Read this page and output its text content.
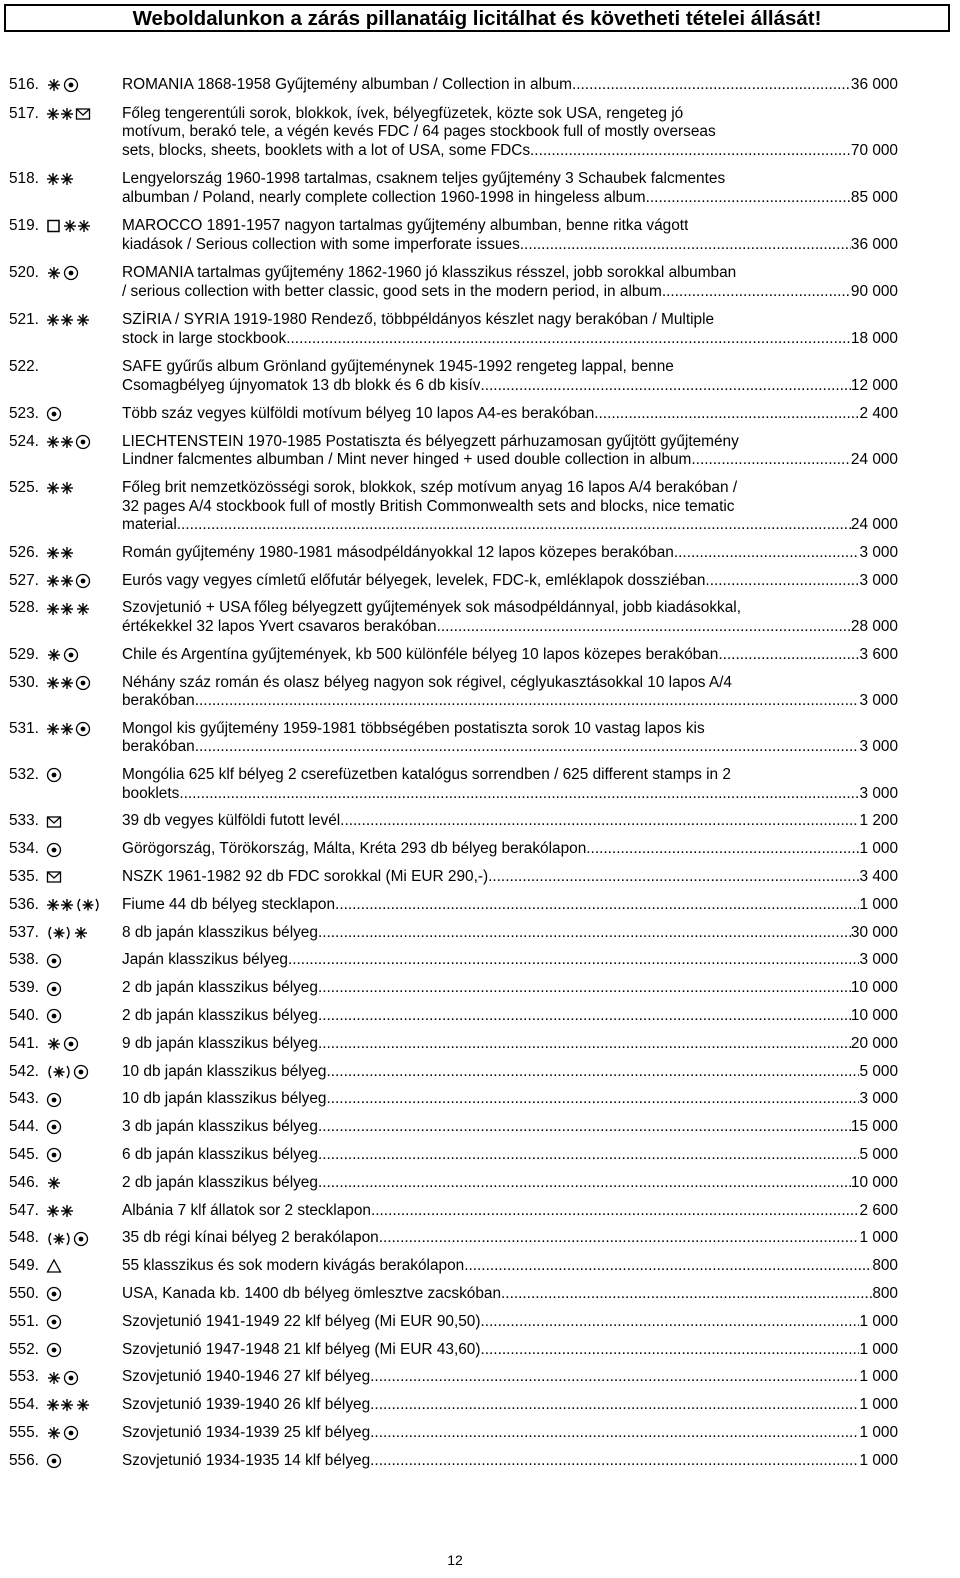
Weboldalunkon a zárás pillanatáig licitálhat és követheti tételei állását!
516.	ROMANIA 1868-1958 Gyűjtemény albumban / Collection in album .....	36 000
517.	Főleg tengerentúli sorok, blokkok, ívek, bélyegfüzetek, közte sok USA, rengeteg jó
motívum, berakó tele, a végén kevés FDC / 64 pages stockbook full of mostly overseas
sets, blocks, sheets, booklets with a lot of USA, some FDCs .....	70 000
518.	Lengyelország 1960-1998 tartalmas, csaknem teljes gyűjtemény 3 Schaubek falcmentes
albumban / Poland, nearly complete collection 1960-1998 in hingeless album .....	85 000
519.	MAROCCO 1891-1957 nagyon tartalmas gyűjtemény albumban, benne ritka vágott
kiadások / Serious collection with some imperforate issues .....	36 000
520.	ROMANIA tartalmas gyűjtemény 1862-1960 jó klasszikus résszel, jobb sorokkal albumban
/ serious collection with better classic, good sets in the modern period, in album .....	90 000
521.	SZÍRIA / SYRIA 1919-1980 Rendező, többpéldányos készlet nagy berakóban / Multiple
stock in large stockbook .....	18 000
522.	SAFE gyűrűs album Grönland gyűjteménynek 1945-1992 rengeteg lappal, benne
Csomagbélyeg újnyomatok 13 db blokk és 6 db kisív .....	12 000
523.	Több száz vegyes külföldi motívum bélyeg 10 lapos A4-es berakóban .....	2 400
524.	LIECHTENSTEIN 1970-1985 Postatiszta és bélyegzett párhuzamosan gyűjtött gyűjtemény
Lindner falcmentes albumban / Mint never hinged + used double collection in album .....	24 000
525.	Főleg brit nemzetközösségi sorok, blokkok, szép motívum anyag 16 lapos A/4 berakóban /
32 pages A/4 stockbook full of mostly British Commonwealth sets and blocks, nice tematic
material .....	24 000
526.	Román gyűjtemény 1980-1981 másodpéldányokkal 12 lapos közepes berakóban .....	3 000
527.	Eurós vagy vegyes címletű előfutár bélyegek, levelek, FDC-k, emléklapok dossziéban .....	3 000
528.	Szovjetunió + USA főleg bélyegzett gyűjtemények sok másodpéldánnyal, jobb kiadásokkal,
értékekkel 32 lapos Yvert csavaros berakóban .....	28 000
529.	Chile és Argentína gyűjtemények, kb 500 különféle bélyeg 10 lapos közepes berakóban .....	3 600
530.	Néhány száz román és olasz bélyeg nagyon sok régivel, céglyukasztásokkal 10 lapos A/4
berakóban .....	3 000
531.	Mongol kis gyűjtemény 1959-1981 többségében postatiszta sorok 10 vastag lapos kis
berakóban .....	3 000
532.	Mongólia 625 klf bélyeg 2 cserefüzetben katalógus sorrendben / 625 different stamps in 2
booklets .....	3 000
533.	39 db vegyes külföldi futott levél .....	1 200
534.	Görögország, Törökország, Málta, Kréta 293 db bélyeg berakólapon .....	1 000
535.	NSZK 1961-1982 92 db FDC sorokkal (Mi EUR 290,-) .....	3 400
536.	Fiume 44 db bélyeg stecklapon .....	1 000
537.	8 db japán klasszikus bélyeg .....	30 000
538.	Japán klasszikus bélyeg .....	3 000
539.	2 db japán klasszikus bélyeg .....	10 000
540.	2 db japán klasszikus bélyeg .....	10 000
541.	9 db japán klasszikus bélyeg .....	20 000
542.	10 db japán klasszikus bélyeg .....	5 000
543.	10 db japán klasszikus bélyeg .....	3 000
544.	3 db japán klasszikus bélyeg .....	15 000
545.	6 db japán klasszikus bélyeg .....	5 000
546.	2 db japán klasszikus bélyeg .....	10 000
547.	Albánia 7 klf állatok sor 2 stecklapon .....	2 600
548.	35 db régi kínai bélyeg 2 berakólapon .....	1 000
549.	55 klasszikus és sok modern kivágás berakólapon .....	800
550.	USA, Kanada kb. 1400 db bélyeg ömlesztve zacskóban .....	800
551.	Szovjetunió 1941-1949 22 klf bélyeg (Mi EUR 90,50) .....	1 000
552.	Szovjetunió 1947-1948 21 klf bélyeg (Mi EUR 43,60) .....	1 000
553.	Szovjetunió 1940-1946 27 klf bélyeg .....	1 000
554.	Szovjetunió 1939-1940 26 klf bélyeg .....	1 000
555.	Szovjetunió 1934-1939 25 klf bélyeg .....	1 000
556.	Szovjetunió 1934-1935 14 klf bélyeg .....	1 000
12
